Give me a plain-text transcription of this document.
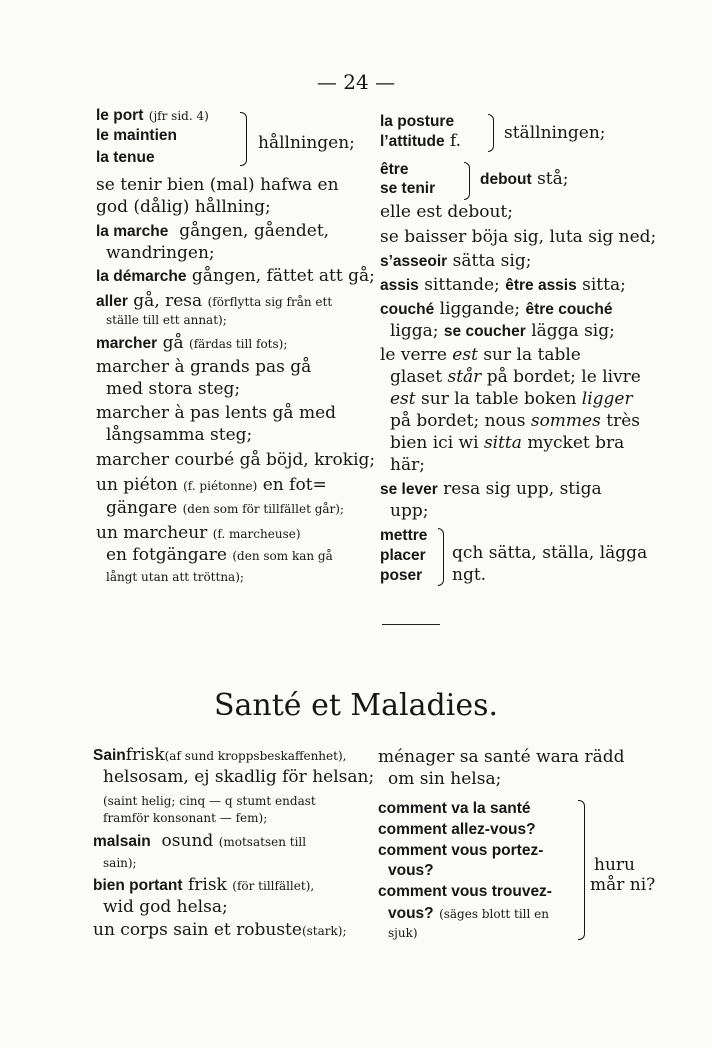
— 24 —
le port (jfr sid. 4)
le maintien
la tenue
hållningen;
se tenir bien (mal) hafwa en
god (dålig) hållning;
la marche gången, gåendet,
wandringen;
la démarche gången, fättet att gå;
aller gå, resa (förflytta sig från ett
ställe till ett annat);
marcher gå (färdas till fots);
marcher à grands pas gå
med stora steg;
marcher à pas lents gå med
långsamma steg;
marcher courbé gå böjd, krokig;
un piéton (f. piétonne) en fot=
gängare (den som för tillfället går);
un marcheur (f. marcheuse)
en fotgängare (den som kan gå
långt utan att tröttna);
la posture
l’attitude f.	ställningen;
être
se tenir
debout stå;
elle est debout;
se baisser böja sig, luta sig ned;
s’asseoir sätta sig;
assis sittande; être assis sitta;
couché liggande; être couché
ligga; se coucher lägga sig;
le verre est sur la table
glaset står på bordet; le livre
est sur la table boken ligger
på bordet; nous sommes très
bien ici wi sitta mycket bra
här;
se lever resa sig upp, stiga
upp;
mettre
placer
poser
qch sätta, ställa, lägga
ngt.
Santé et Maladies.
Sainfrisk(af sund kroppsbeskaffenhet),
helsosam, ej skadlig för helsan;
(saint helig; cinq — q stumt endast
framför konsonant — fem);
malsain osund (motsatsen till
sain);
bien portant frisk (för tillfället),
wid god helsa;
un corps sain et robuste(stark);
ménager sa santé wara rädd
om sin helsa;
comment va la santé
comment allez-vous?
comment vous portez-
vous?
comment vous trouvez-
vous? (säges blott till en
sjuk)
huru
mår ni?
